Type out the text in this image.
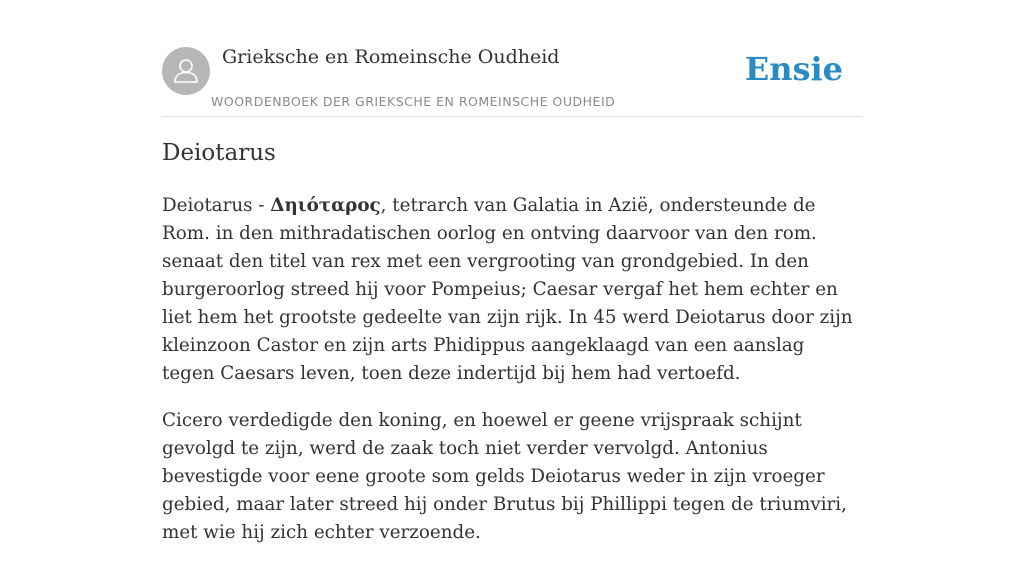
Grieksche en Romeinsche Oudheid
WOORDENBOEK DER GRIEKSCHE EN ROMEINSCHE OUDHEID
Ensie
Deiotarus

Deiotarus - Δηιόταρος, tetrarch van Galatia in Azië, ondersteunde de Rom. in den mithradatischen oorlog en ontving daarvoor van den rom. senaat den titel van rex met een vergrooting van grondgebied. In den burgeroorlog streed hij voor Pompeius; Caesar vergaf het hem echter en liet hem het grootste gedeelte van zijn rijk. In 45 werd Deiotarus door zijn kleinzoon Castor en zijn arts Phidippus aangeklaagd van een aanslag tegen Caesars leven, toen deze indertijd bij hem had vertoefd.

Cicero verdedigde den koning, en hoewel er geene vrijspraak schijnt gevolgd te zijn, werd de zaak toch niet verder vervolgd. Antonius bevestigde voor eene groote som gelds Deiotarus weder in zijn vroeger gebied, maar later streed hij onder Brutus bij Phillippi tegen de triumviri, met wie hij zich echter verzoende.
